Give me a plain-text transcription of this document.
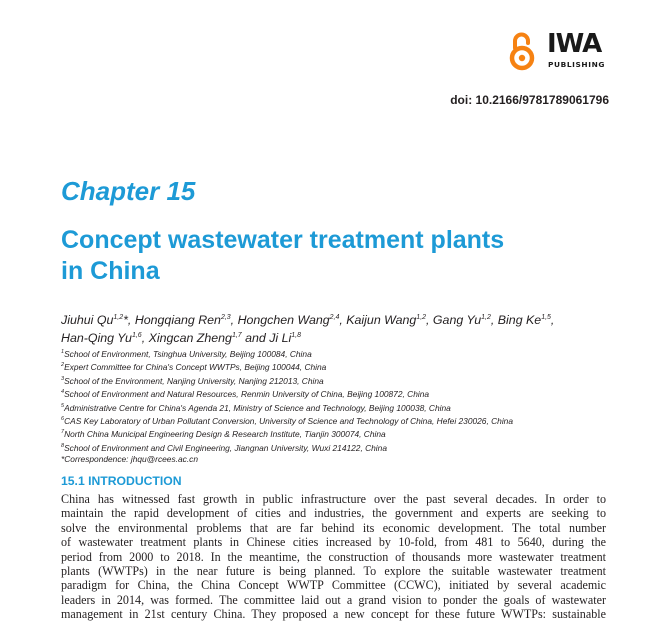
IWA
PUBLISHING
doi: 10.2166/9781789061796
Chapter 15
Concept wastewater treatment plants in China
Jiuhui Qu$^{1,2}$*, Hongqiang Ren$^{2,3}$, Hongchen Wang$^{2,4}$, Kaijun Wang$^{1,2}$, Gang Yu$^{1,2}$, Bing Ke$^{1,5}$,
Han-Qing Yu$^{1,6}$, Xingcan Zheng$^{1,7}$ and Ji Li$^{1,8}$
$^1$School of Environment, Tsinghua University, Beijing 100084, China
$^2$Expert Committee for China's Concept WWTPs, Beijing 100044, China
$^3$School of the Environment, Nanjing University, Nanjing 212013, China
$^4$School of Environment and Natural Resources, Renmin University of China, Beijing 100872, China
$^5$Administrative Centre for China's Agenda 21, Ministry of Science and Technology, Beijing 100038, China
$^6$CAS Key Laboratory of Urban Pollutant Conversion, University of Science and Technology of China, Hefei 230026, China
$^7$North China Municipal Engineering Design & Research Institute, Tianjin 300074, China
$^8$School of Environment and Civil Engineering, Jiangnan University, Wuxi 214122, China
*Correspondence: jhqu@rcees.ac.cn
15.1 INTRODUCTION
China has witnessed fast growth in public infrastructure over the past several decades. In order to
maintain the rapid development of cities and industries, the government and experts are seeking to
solve the environmental problems that are far behind its economic development. The total number
of wastewater treatment plants in Chinese cities increased by 10-fold, from 481 to 5640, during the
period from 2000 to 2018. In the meantime, the construction of thousands more wastewater treatment
plants (WWTPs) in the near future is being planned. To explore the suitable wastewater treatment
paradigm for China, the China Concept WWTP Committee (CCWC), initiated by several academic
leaders in 2014, was formed. The committee laid out a grand vision to ponder the goals of wastewater
management in 21st century China. They proposed a new concept for these future WWTPs: sustainable
